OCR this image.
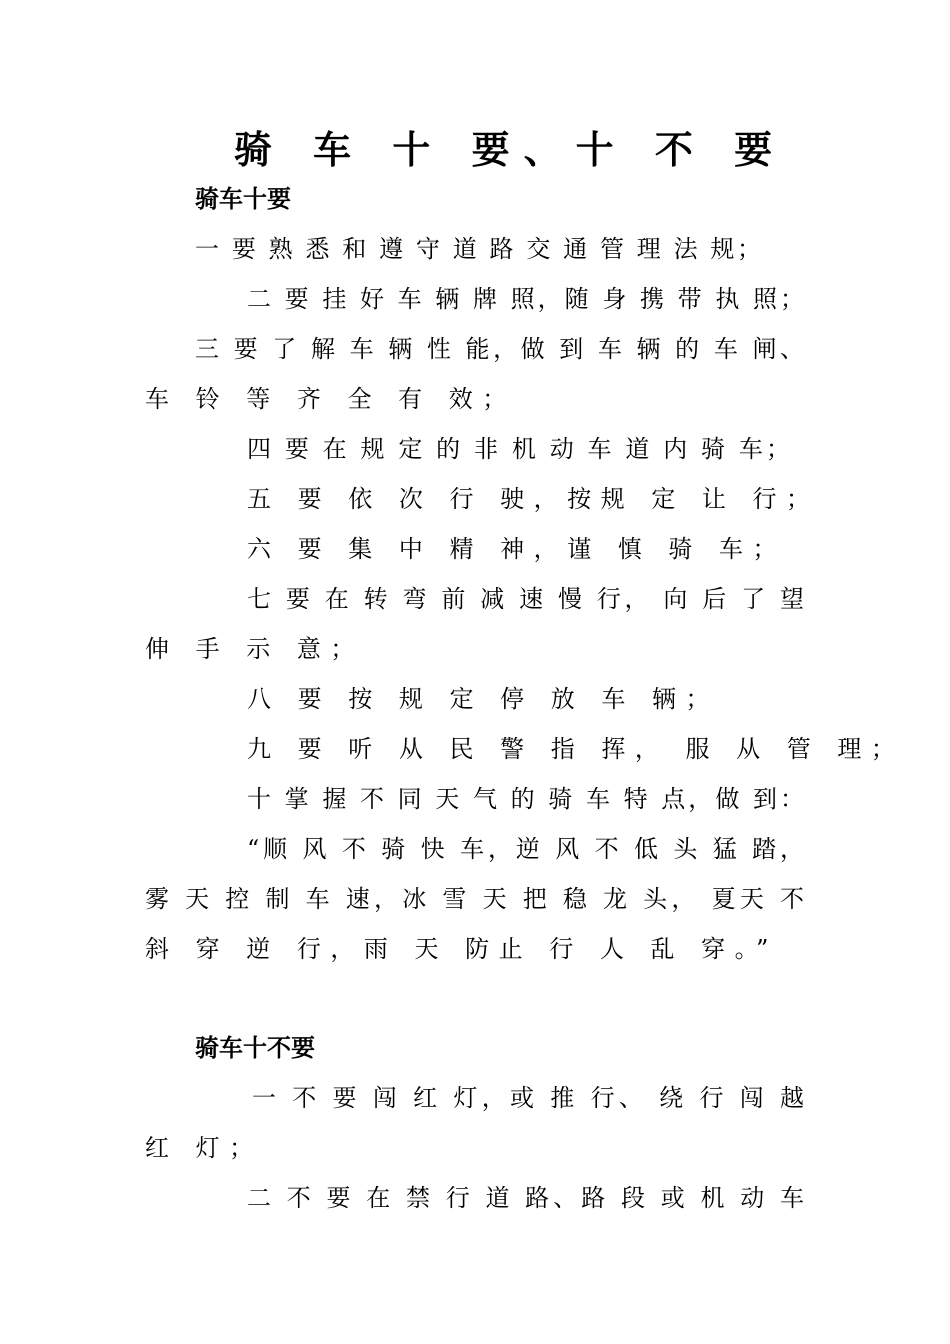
骑 车 十 要、十 不 要
骑车十要
一 要 熟 悉 和 遵 守 道 路 交 通 管 理 法 规；
二 要 挂 好 车 辆 牌 照，随 身 携 带 执 照；
三 要 了 解 车 辆 性 能，做 到 车 辆 的 车 闸、
车 铃 等 齐 全 有 效；
四 要 在 规 定 的 非 机 动 车 道 内 骑 车；
五 要 依 次 行 驶，按规 定 让 行；
六 要 集 中 精 神，谨 慎 骑 车；
七 要 在 转 弯 前 减 速 慢 行， 向 后 了 望
伸 手 示 意；
八 要 按 规 定 停 放 车 辆；
九 要 听 从 民 警 指 挥， 服 从 管 理；
十 掌 握 不 同 天 气 的 骑 车 特 点，做 到：
“顺 风 不 骑 快 车，逆 风 不 低 头 猛 踏，
雾 天 控 制 车 速，冰 雪 天 把 稳 龙 头， 夏天 不
斜 穿 逆 行，雨 天 防止 行 人 乱 穿。”
骑车十不要
一 不 要 闯 红 灯，或 推 行、 绕 行 闯 越
红 灯；
二 不 要 在 禁 行 道 路、路 段 或 机 动 车
